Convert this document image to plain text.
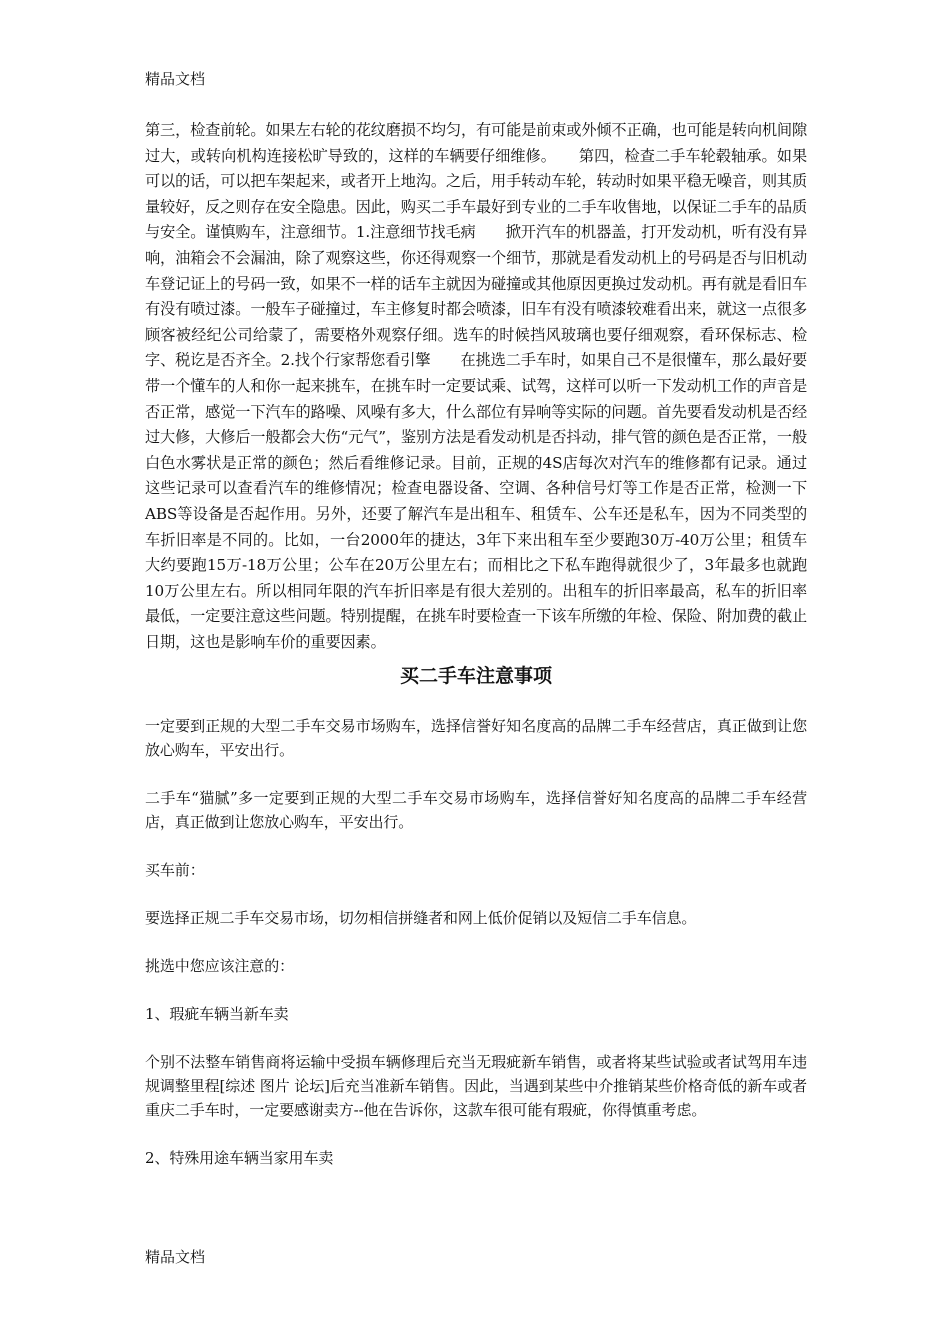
精品文档

第三，检查前轮。如果左右轮的花纹磨损不均匀，有可能是前束或外倾不正确，也可能是转向机间隙过大，或转向机构连接松旷导致的，这样的车辆要仔细维修。　　第四，检查二手车轮毂轴承。如果可以的话，可以把车架起来，或者开上地沟。之后，用手转动车轮，转动时如果平稳无噪音，则其质量较好，反之则存在安全隐患。因此，购买二手车最好到专业的二手车收售地，以保证二手车的品质与安全。谨慎购车，注意细节。1.注意细节找毛病　　掀开汽车的机器盖，打开发动机，听有没有异响，油箱会不会漏油，除了观察这些，你还得观察一个细节，那就是看发动机上的号码是否与旧机动车登记证上的号码一致，如果不一样的话车主就因为碰撞或其他原因更换过发动机。再有就是看旧车有没有喷过漆。一般车子碰撞过，车主修复时都会喷漆，旧车有没有喷漆较难看出来，就这一点很多顾客被经纪公司给蒙了，需要格外观察仔细。选车的时候挡风玻璃也要仔细观察，看环保标志、检字、税讫是否齐全。2.找个行家帮您看引擎　　在挑选二手车时，如果自己不是很懂车，那么最好要带一个懂车的人和你一起来挑车，在挑车时一定要试乘、试驾，这样可以听一下发动机工作的声音是否正常，感觉一下汽车的路噪、风噪有多大，什么部位有异响等实际的问题。首先要看发动机是否经过大修，大修后一般都会大伤“元气”，鉴别方法是看发动机是否抖动，排气管的颜色是否正常，一般白色水雾状是正常的颜色；然后看维修记录。目前，正规的4S店每次对汽车的维修都有记录。通过这些记录可以查看汽车的维修情况；检查电器设备、空调、各种信号灯等工作是否正常，检测一下ABS等设备是否起作用。另外，还要了解汽车是出租车、租赁车、公车还是私车，因为不同类型的车折旧率是不同的。比如，一台2000年的捷达，3年下来出租车至少要跑30万-40万公里；租赁车大约要跑15万-18万公里；公车在20万公里左右；而相比之下私车跑得就很少了，3年最多也就跑10万公里左右。所以相同年限的汽车折旧率是有很大差别的。出租车的折旧率最高，私车的折旧率最低，一定要注意这些问题。特别提醒，在挑车时要检查一下该车所缴的年检、保险、附加费的截止日期，这也是影响车价的重要因素。

买二手车注意事项

一定要到正规的大型二手车交易市场购车，选择信誉好知名度高的品牌二手车经营店，真正做到让您放心购车，平安出行。

二手车“猫腻”多一定要到正规的大型二手车交易市场购车，选择信誉好知名度高的品牌二手车经营店，真正做到让您放心购车，平安出行。

买车前：

要选择正规二手车交易市场，切勿相信拼缝者和网上低价促销以及短信二手车信息。

挑选中您应该注意的：

1、瑕疵车辆当新车卖

个别不法整车销售商将运输中受损车辆修理后充当无瑕疵新车销售，或者将某些试验或者试驾用车违规调整里程[综述 图片 论坛]后充当准新车销售。因此，当遇到某些中介推销某些价格奇低的新车或者重庆二手车时，一定要感谢卖方--他在告诉你，这款车很可能有瑕疵，你得慎重考虑。

2、特殊用途车辆当家用车卖

精品文档
